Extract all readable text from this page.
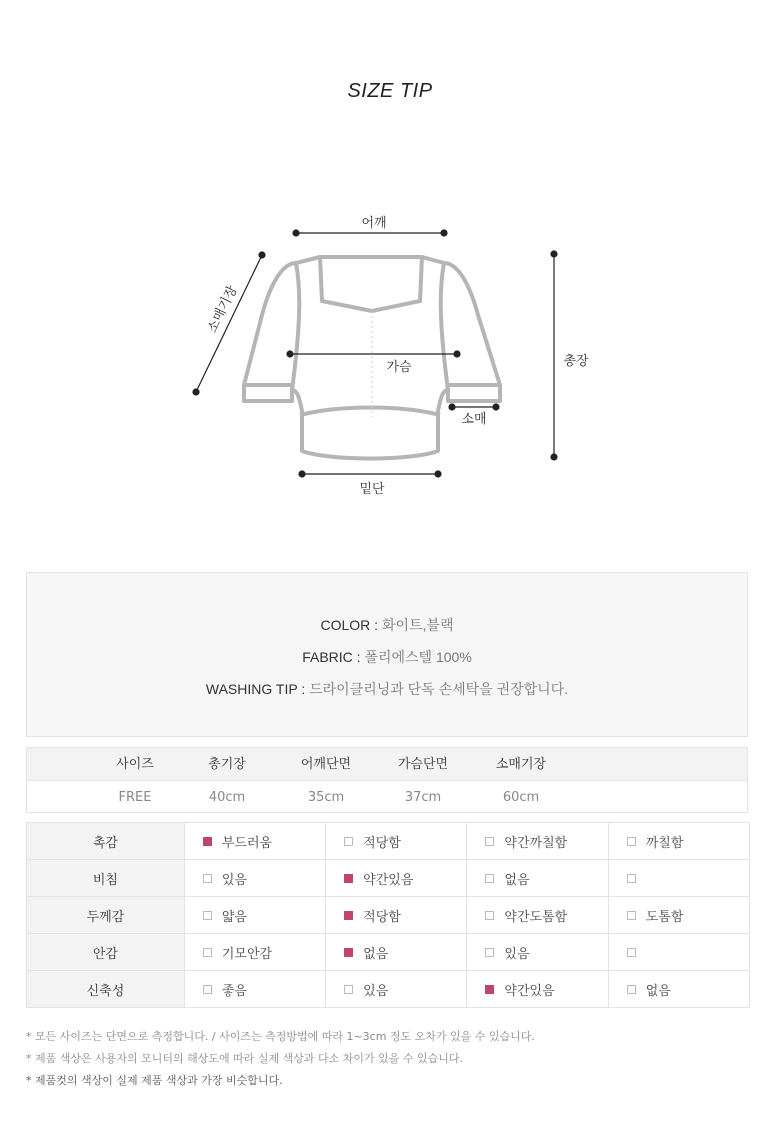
SIZE TIP
어깨
소매기장
가슴	총장
소매
밑단
COLOR : 화이트,블랙
FABRIC : 폴리에스텔 100%
WASHING TIP : 드라이클리닝과 단독 손세탁을 권장합니다.
사이즈	총기장	어깨단면	가슴단면	소매기장
FREE	40cm	35cm	37cm	60cm
촉감	부드러움	적당함	약간까칠함	까칠함

비침	있음	약간있음	없음	

두께감	얇음	적당함	약간도톰함	도톰함

안감	기모안감	없음	있음	

신축성	좋음	있음	약간있음	없음
* 모든 사이즈는 단면으로 측정합니다. / 사이즈는 측정방법에 따라 1~3cm 정도 오차가 있을 수 있습니다.
* 제품 색상은 사용자의 모니터의 해상도에 따라 실제 색상과 다소 차이가 있을 수 있습니다.
* 제품컷의 색상이 실제 제품 색상과 가장 비슷합니다.
